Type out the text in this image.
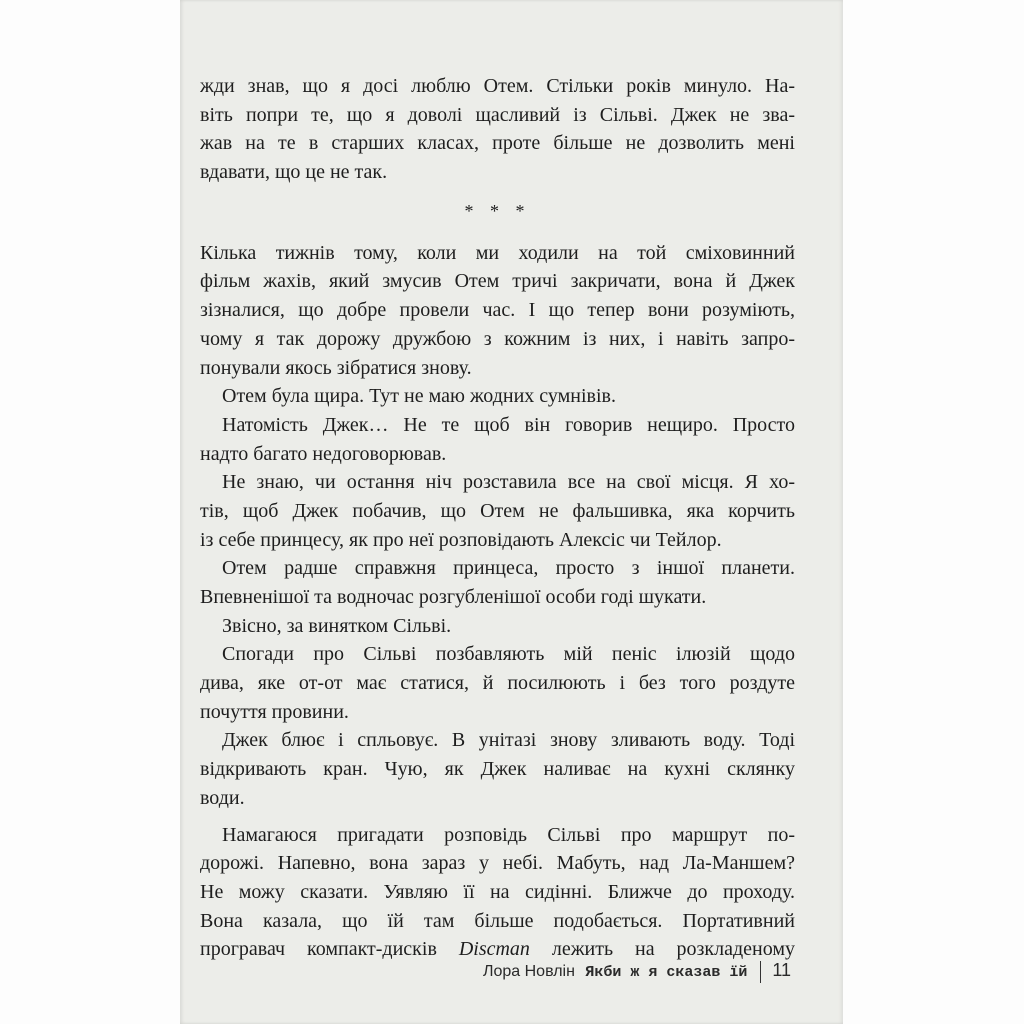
жди знав, що я досі люблю Отем. Стільки років минуло. На-
віть попри те, що я доволі щасливий із Сільві. Джек не зва-
жав на те в старших класах, проте більше не дозволить мені
вдавати, що це не так.
* * *
Кілька тижнів тому, коли ми ходили на той сміховинний
фільм жахів, який змусив Отем тричі закричати, вона й Джек
зізналися, що добре провели час. І що тепер вони розуміють,
чому я так дорожу дружбою з кожним із них, і навіть запро-
понували якось зібратися знову.
Отем була щира. Тут не маю жодних сумнівів.
Натомість Джек… Не те щоб він говорив нещиро. Просто
надто багато недоговорював.
Не знаю, чи остання ніч розставила все на свої місця. Я хо-
тів, щоб Джек побачив, що Отем не фальшивка, яка корчить
із себе принцесу, як про неї розповідають Алексіс чи Тейлор.
Отем радше справжня принцеса, просто з іншої планети.
Впевненішої та водночас розгубленішої особи годі шукати.
Звісно, за винятком Сільві.
Спогади про Сільві позбавляють мій пеніс ілюзій щодо
дива, яке от-от має статися, й посилюють і без того роздуте
почуття провини.
Джек блює і спльовує. В унітазі знову зливають воду. Тоді
відкривають кран. Чую, як Джек наливає на кухні склянку
води.
Намагаюся пригадати розповідь Сільві про маршрут по-
дорожі. Напевно, вона зараз у небі. Мабуть, над Ла-Маншем?
Не можу сказати. Уявляю її на сидінні. Ближче до проходу.
Вона казала, що їй там більше подобається. Портативний
програвач компакт-дисків Discman лежить на розкладеному
Лора Новлін Якби ж я сказав їй 11
